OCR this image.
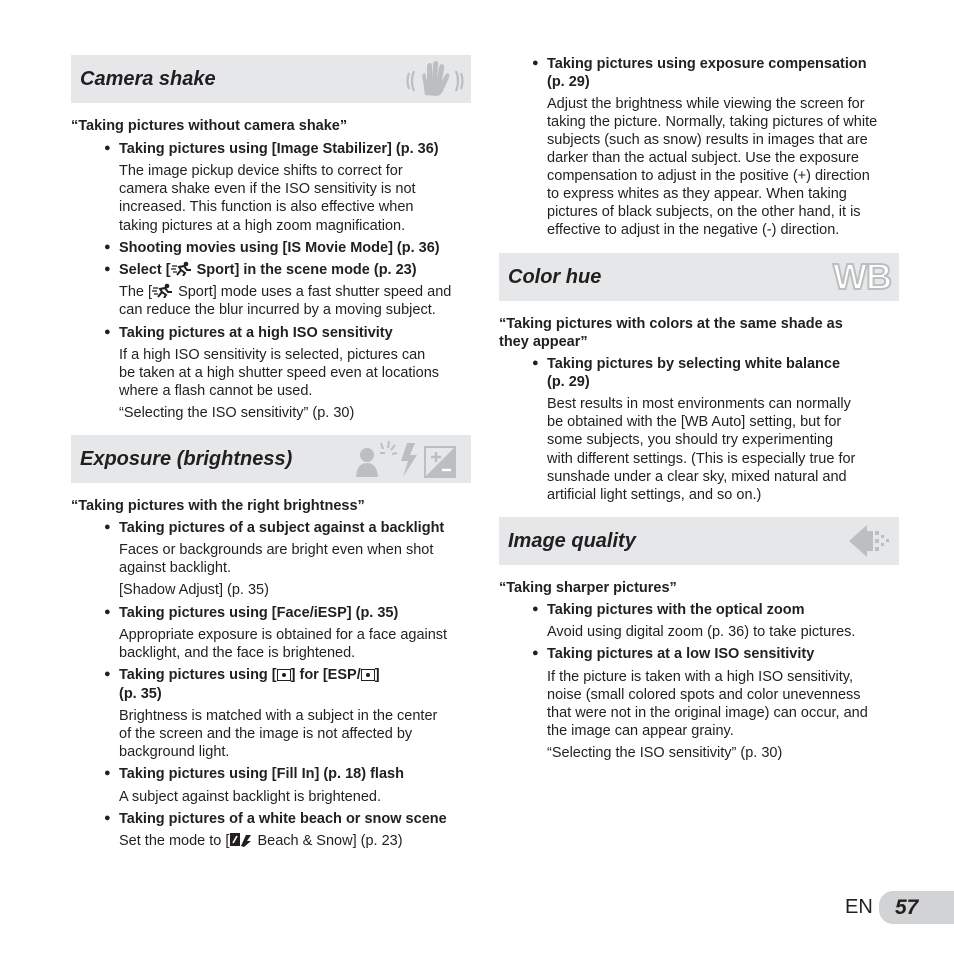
Camera shake
“Taking pictures without camera shake”
● Taking pictures using [Image Stabilizer] (p. 36)
The image pickup device shifts to correct for
camera shake even if the ISO sensitivity is not
increased. This function is also effective when
taking pictures at a high zoom magnification.
● Shooting movies using [IS Movie Mode] (p. 36)
● Select [ Sport] in the scene mode (p. 23)
The [ Sport] mode uses a fast shutter speed and
can reduce the blur incurred by a moving subject.
● Taking pictures at a high ISO sensitivity
If a high ISO sensitivity is selected, pictures can
be taken at a high shutter speed even at locations
where a flash cannot be used.
“Selecting the ISO sensitivity” (p. 30)
Exposure (brightness)
“Taking pictures with the right brightness”
● Taking pictures of a subject against a backlight
Faces or backgrounds are bright even when shot
against backlight.
[Shadow Adjust] (p. 35)
● Taking pictures using [Face/iESP] (p. 35)
Appropriate exposure is obtained for a face against
backlight, and the face is brightened.
● Taking pictures using [ ] for [ESP/ ]
(p. 35)
Brightness is matched with a subject in the center
of the screen and the image is not affected by
background light.
● Taking pictures using [Fill In] (p. 18) flash
A subject against backlight is brightened.
● Taking pictures of a white beach or snow scene
Set the mode to [ Beach & Snow] (p. 23)
● Taking pictures using exposure compensation
(p. 29)
Adjust the brightness while viewing the screen for
taking the picture. Normally, taking pictures of white
subjects (such as snow) results in images that are
darker than the actual subject. Use the exposure
compensation to adjust in the positive (+) direction
to express whites as they appear. When taking
pictures of black subjects, on the other hand, it is
effective to adjust in the negative (-) direction.
Color hue	WB
“Taking pictures with colors at the same shade as
they appear”
● Taking pictures by selecting white balance
(p. 29)
Best results in most environments can normally
be obtained with the [WB Auto] setting, but for
some subjects, you should try experimenting
with different settings. (This is especially true for
sunshade under a clear sky, mixed natural and
artificial light settings, and so on.)
Image quality
“Taking sharper pictures”
● Taking pictures with the optical zoom
Avoid using digital zoom (p. 36) to take pictures.
● Taking pictures at a low ISO sensitivity
If the picture is taken with a high ISO sensitivity,
noise (small colored spots and color unevenness
that were not in the original image) can occur, and
the image can appear grainy.
“Selecting the ISO sensitivity” (p. 30)
EN 57
